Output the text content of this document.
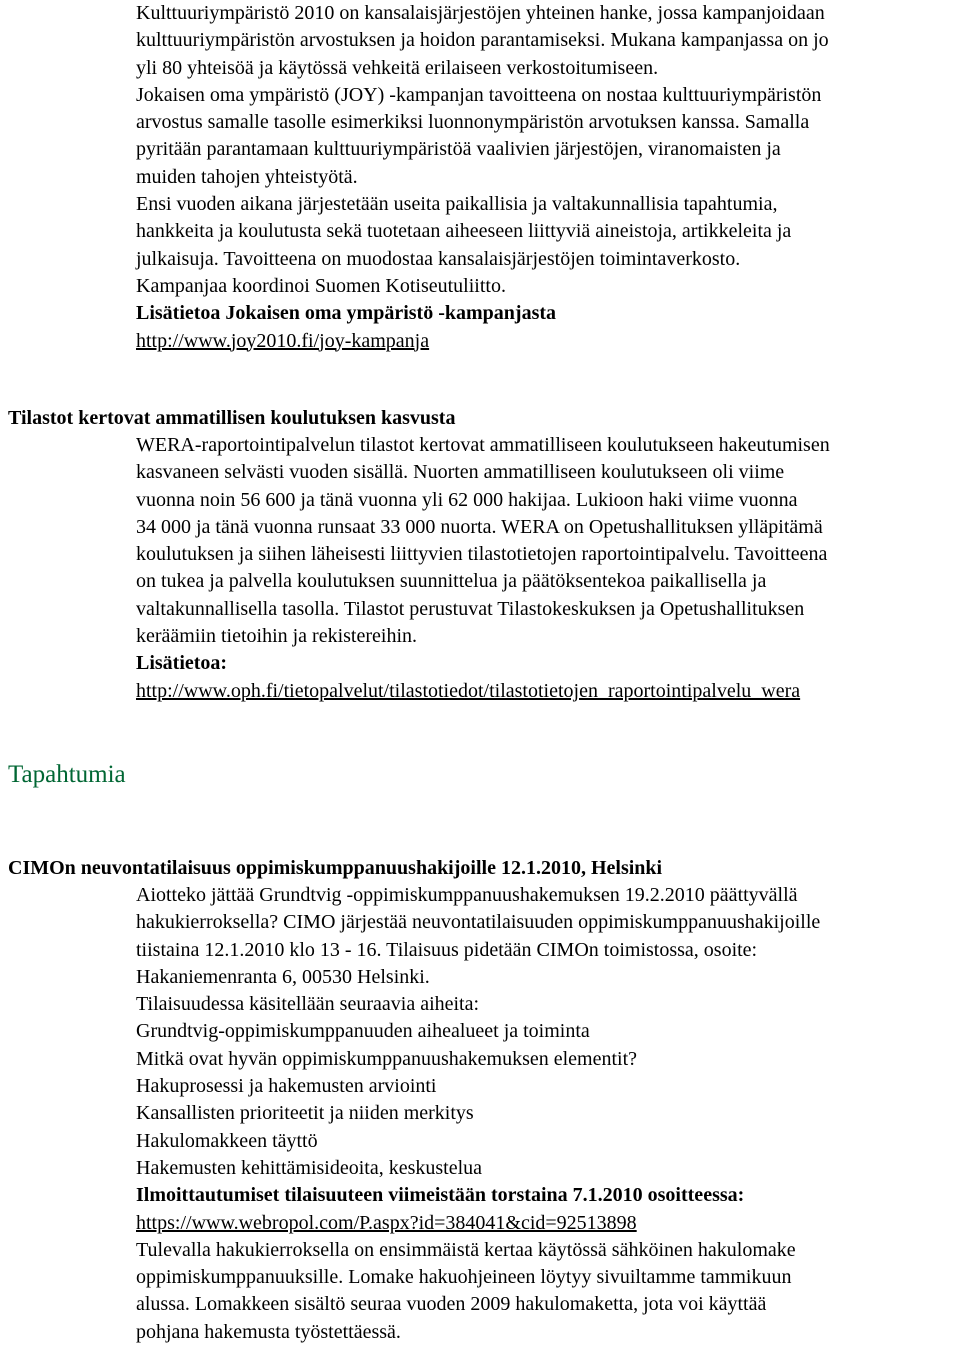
Kulttuuriympäristö 2010 on kansalaisjärjestöjen yhteinen hanke, jossa kampanjoidaan
kulttuuriympäristön arvostuksen ja hoidon parantamiseksi. Mukana kampanjassa on jo
yli 80 yhteisöä ja käytössä vehkeitä erilaiseen verkostoitumiseen.
Jokaisen oma ympäristö (JOY) -kampanjan tavoitteena on nostaa kulttuuriympäristön
arvostus samalle tasolle esimerkiksi luonnonympäristön arvotuksen kanssa. Samalla
pyritään parantamaan kulttuuriympäristöä vaalivien järjestöjen, viranomaisten ja
muiden tahojen yhteistyötä.
Ensi vuoden aikana järjestetään useita paikallisia ja valtakunnallisia tapahtumia,
hankkeita ja koulutusta sekä tuotetaan aiheeseen liittyviä aineistoja, artikkeleita ja
julkaisuja. Tavoitteena on muodostaa kansalaisjärjestöjen toimintaverkosto.
Kampanjaa koordinoi Suomen Kotiseutuliitto.
Lisätietoa Jokaisen oma ympäristö -kampanjasta
http://www.joy2010.fi/joy-kampanja
Tilastot kertovat ammatillisen koulutuksen kasvusta
WERA-raportointipalvelun tilastot kertovat ammatilliseen koulutukseen hakeutumisen
kasvaneen selvästi vuoden sisällä. Nuorten ammatilliseen koulutukseen oli viime
vuonna noin 56 600 ja tänä vuonna yli 62 000 hakijaa. Lukioon haki viime vuonna
34 000 ja tänä vuonna runsaat 33 000 nuorta. WERA on Opetushallituksen ylläpitämä
koulutuksen ja siihen läheisesti liittyvien tilastotietojen raportointipalvelu. Tavoitteena
on tukea ja palvella koulutuksen suunnittelua ja päätöksentekoa paikallisella ja
valtakunnallisella tasolla. Tilastot perustuvat Tilastokeskuksen ja Opetushallituksen
keräämiin tietoihin ja rekistereihin.
Lisätietoa:
http://www.oph.fi/tietopalvelut/tilastotiedot/tilastotietojen_raportointipalvelu_wera
Tapahtumia
CIMOn neuvontatilaisuus oppimiskumppanuushakijoille 12.1.2010, Helsinki
Aiotteko jättää Grundtvig -oppimiskumppanuushakemuksen 19.2.2010 päättyvällä
hakukierroksella? CIMO järjestää neuvontatilaisuuden oppimiskumppanuushakijoille
tiistaina 12.1.2010 klo 13 - 16. Tilaisuus pidetään CIMOn toimistossa, osoite:
Hakaniemenranta 6, 00530 Helsinki.
Tilaisuudessa käsitellään seuraavia aiheita:
Grundtvig-oppimiskumppanuuden aihealueet ja toiminta
Mitkä ovat hyvän oppimiskumppanuushakemuksen elementit?
Hakuprosessi ja hakemusten arviointi
Kansallisten prioriteetit ja niiden merkitys
Hakulomakkeen täyttö
Hakemusten kehittämisideoita, keskustelua
Ilmoittautumiset tilaisuuteen viimeistään torstaina 7.1.2010 osoitteessa:
https://www.webropol.com/P.aspx?id=384041&cid=92513898
Tulevalla hakukierroksella on ensimmäistä kertaa käytössä sähköinen hakulomake
oppimiskumppanuuksille. Lomake hakuohjeineen löytyy sivuiltamme tammikuun
alussa. Lomakkeen sisältö seuraa vuoden 2009 hakulomaketta, jota voi käyttää
pohjana hakemusta työstettäessä.
